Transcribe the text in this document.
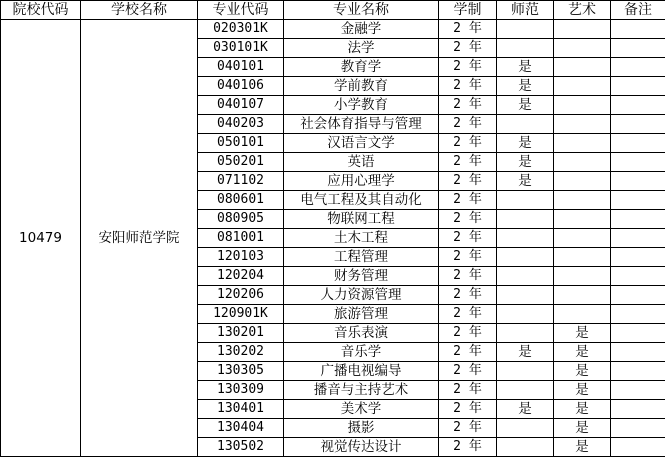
院校代码	学校名称	专业代码	专业名称	学制	师范	艺术	备注
10479	安阳师范学院	020301K	金融学	2 年			
		030101K	法学	2 年			
		040101	教育学	2 年	是		
		040106	学前教育	2 年	是		
		040107	小学教育	2 年	是		
		040203	社会体育指导与管理	2 年			
		050101	汉语言文学	2 年	是		
		050201	英语	2 年	是		
		071102	应用心理学	2 年	是		
		080601	电气工程及其自动化	2 年			
		080905	物联网工程	2 年			
		081001	土木工程	2 年			
		120103	工程管理	2 年			
		120204	财务管理	2 年			
		120206	人力资源管理	2 年			
		120901K	旅游管理	2 年			
		130201	音乐表演	2 年		是	
		130202	音乐学	2 年	是	是	
		130305	广播电视编导	2 年		是	
		130309	播音与主持艺术	2 年		是	
		130401	美术学	2 年	是	是	
		130404	摄影	2 年		是	
		130502	视觉传达设计	2 年		是	
